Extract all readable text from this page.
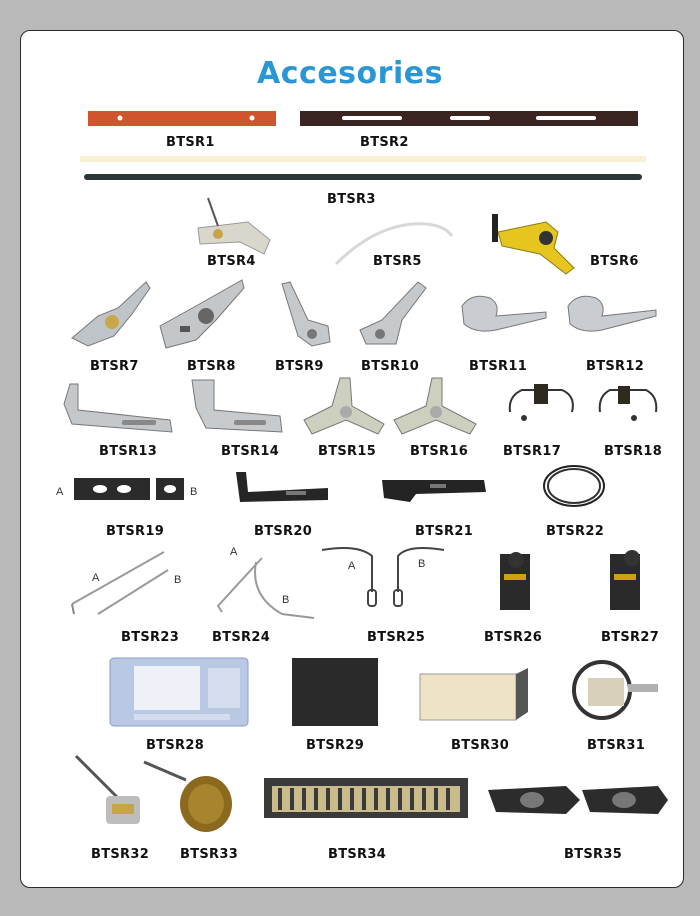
Accesories
BTSR1	BTSR2
BTSR3
BTSR4	BTSR5	BTSR6
BTSR7	BTSR8	BTSR9	BTSR10	BTSR11	BTSR12
BTSR13	BTSR14	BTSR15	BTSR16	BTSR17	BTSR18
A	B
BTSR19	BTSR20	BTSR21	BTSR22
A	B
BTSR23
A
B
BTSR24
A	B
BTSR25	BTSR26	BTSR27
BTSR28	BTSR29	BTSR30	BTSR31
BTSR32 BTSR33	BTSR34	BTSR35
